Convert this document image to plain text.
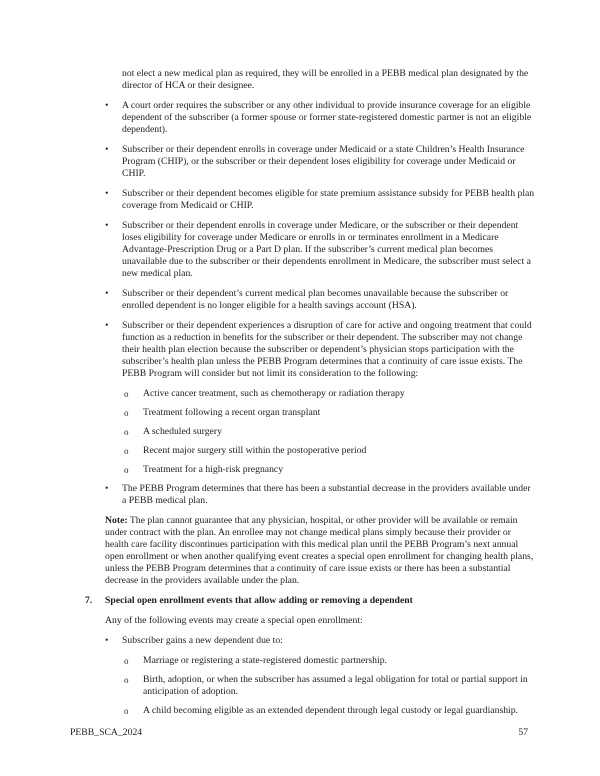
not elect a new medical plan as required, they will be enrolled in a PEBB medical plan designated by the director of HCA or their designee.

•	A court order requires the subscriber or any other individual to provide insurance coverage for an eligible dependent of the subscriber (a former spouse or former state-registered domestic partner is not an eligible dependent).
•	Subscriber or their dependent enrolls in coverage under Medicaid or a state Children’s Health Insurance Program (CHIP), or the subscriber or their dependent loses eligibility for coverage under Medicaid or CHIP.
•	Subscriber or their dependent becomes eligible for state premium assistance subsidy for PEBB health plan coverage from Medicaid or CHIP.
•	Subscriber or their dependent enrolls in coverage under Medicare, or the subscriber or their dependent loses eligibility for coverage under Medicare or enrolls in or terminates enrollment in a Medicare Advantage-Prescription Drug or a Part D plan. If the subscriber’s current medical plan becomes unavailable due to the subscriber or their dependents enrollment in Medicare, the subscriber must select a new medical plan.
•	Subscriber or their dependent’s current medical plan becomes unavailable because the subscriber or enrolled dependent is no longer eligible for a health savings account (HSA).
•	Subscriber or their dependent experiences a disruption of care for active and ongoing treatment that could function as a reduction in benefits for the subscriber or their dependent. The subscriber may not change their health plan election because the subscriber or dependent’s physician stops participation with the subscriber’s health plan unless the PEBB Program determines that a continuity of care issue exists. The PEBB Program will consider but not limit its consideration to the following:
o	Active cancer treatment, such as chemotherapy or radiation therapy
o	Treatment following a recent organ transplant
o	A scheduled surgery
o	Recent major surgery still within the postoperative period
o	Treatment for a high-risk pregnancy
•	The PEBB Program determines that there has been a substantial decrease in the providers available under a PEBB medical plan.

Note: The plan cannot guarantee that any physician, hospital, or other provider will be available or remain under contract with the plan. An enrollee may not change medical plans simply because their provider or health care facility discontinues participation with this medical plan until the PEBB Program’s next annual open enrollment or when another qualifying event creates a special open enrollment for changing health plans, unless the PEBB Program determines that a continuity of care issue exists or there has been a substantial decrease in the providers available under the plan.

7.	Special open enrollment events that allow adding or removing a dependent

Any of the following events may create a special open enrollment:

•	Subscriber gains a new dependent due to:
o	Marriage or registering a state-registered domestic partnership.
o	Birth, adoption, or when the subscriber has assumed a legal obligation for total or partial support in anticipation of adoption.
o	A child becoming eligible as an extended dependent through legal custody or legal guardianship.
PEBB_SCA_2024	57
